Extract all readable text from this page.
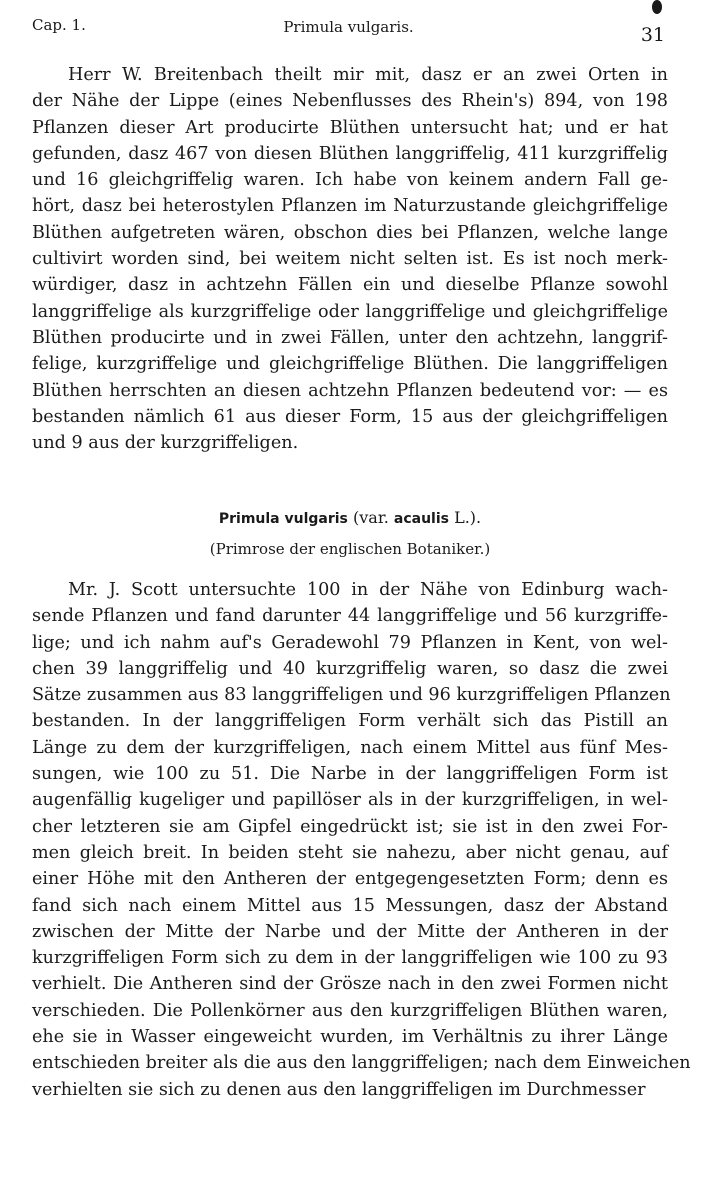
Cap. 1.	Primula vulgaris.	31
Herr W. Breitenbach theilt mir mit, dasz er an zwei Orten in
der Nähe der Lippe (eines Nebenflusses des Rhein's) 894, von 198
Pflanzen dieser Art producirte Blüthen untersucht hat; und er hat
gefunden, dasz 467 von diesen Blüthen langgriffelig, 411 kurzgriffelig
und 16 gleichgriffelig waren. Ich habe von keinem andern Fall ge-
hört, dasz bei heterostylen Pflanzen im Naturzustande gleichgriffelige
Blüthen aufgetreten wären, obschon dies bei Pflanzen, welche lange
cultivirt worden sind, bei weitem nicht selten ist. Es ist noch merk-
würdiger, dasz in achtzehn Fällen ein und dieselbe Pflanze sowohl
langgriffelige als kurzgriffelige oder langgriffelige und gleichgriffelige
Blüthen producirte und in zwei Fällen, unter den achtzehn, langgrif-
felige, kurzgriffelige und gleichgriffelige Blüthen. Die langgriffeligen
Blüthen herrschten an diesen achtzehn Pflanzen bedeutend vor: — es
bestanden nämlich 61 aus dieser Form, 15 aus der gleichgriffeligen
und 9 aus der kurzgriffeligen.
Primula vulgaris (var. acaulis L.).
(Primrose der englischen Botaniker.)
Mr. J. Scott untersuchte 100 in der Nähe von Edinburg wach-
sende Pflanzen und fand darunter 44 langgriffelige und 56 kurzgriffe-
lige; und ich nahm auf's Geradewohl 79 Pflanzen in Kent, von wel-
chen 39 langgriffelig und 40 kurzgriffelig waren, so dasz die zwei
Sätze zusammen aus 83 langgriffeligen und 96 kurzgriffeligen Pflanzen
bestanden. In der langgriffeligen Form verhält sich das Pistill an
Länge zu dem der kurzgriffeligen, nach einem Mittel aus fünf Mes-
sungen, wie 100 zu 51. Die Narbe in der langgriffeligen Form ist
augenfällig kugeliger und papillöser als in der kurzgriffeligen, in wel-
cher letzteren sie am Gipfel eingedrückt ist; sie ist in den zwei For-
men gleich breit. In beiden steht sie nahezu, aber nicht genau, auf
einer Höhe mit den Antheren der entgegengesetzten Form; denn es
fand sich nach einem Mittel aus 15 Messungen, dasz der Abstand
zwischen der Mitte der Narbe und der Mitte der Antheren in der
kurzgriffeligen Form sich zu dem in der langgriffeligen wie 100 zu 93
verhielt. Die Antheren sind der Grösze nach in den zwei Formen nicht
verschieden. Die Pollenkörner aus den kurzgriffeligen Blüthen waren,
ehe sie in Wasser eingeweicht wurden, im Verhältnis zu ihrer Länge
entschieden breiter als die aus den langgriffeligen; nach dem Einweichen
verhielten sie sich zu denen aus den langgriffeligen im Durchmesser
